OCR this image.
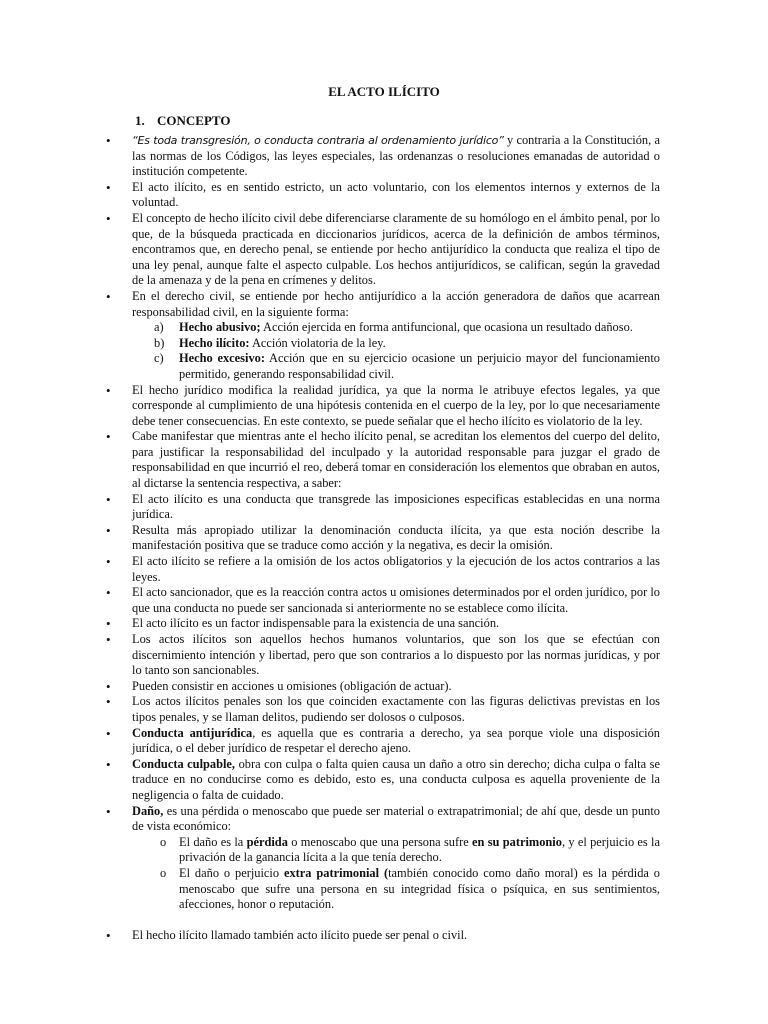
EL ACTO ILÍCITO
1. CONCEPTO
• “Es toda transgresión, o conducta contraria al ordenamiento jurídico” y contraria a la Constitución, a las normas de los Códigos, las leyes especiales, las ordenanzas o resoluciones emanadas de autoridad o institución competente.
• El acto ilícito, es en sentido estricto, un acto voluntario, con los elementos internos y externos de la voluntad.
• El concepto de hecho ilícito civil debe diferenciarse claramente de su homólogo en el ámbito penal, por lo que, de la búsqueda practicada en diccionarios jurídicos, acerca de la definición de ambos términos, encontramos que, en derecho penal, se entiende por hecho antijurídico la conducta que realiza el tipo de una ley penal, aunque falte el aspecto culpable. Los hechos antijurídicos, se califican, según la gravedad de la amenaza y de la pena en crímenes y delitos.
• En el derecho civil, se entiende por hecho antijurídico a la acción generadora de daños que acarrean responsabilidad civil, en la siguiente forma:
a) Hecho abusivo; Acción ejercida en forma antifuncional, que ocasiona un resultado dañoso.
b) Hecho ilícito: Acción violatoria de la ley.
c) Hecho excesivo: Acción que en su ejercicio ocasione un perjuicio mayor del funcionamiento permitido, generando responsabilidad civil.
• El hecho jurídico modifica la realidad jurídica, ya que la norma le atribuye efectos legales, ya que corresponde al cumplimiento de una hipótesis contenida en el cuerpo de la ley, por lo que necesariamente debe tener consecuencias. En este contexto, se puede señalar que el hecho ilícito es violatorio de la ley.
• Cabe manifestar que mientras ante el hecho ilícito penal, se acreditan los elementos del cuerpo del delito, para justificar la responsabilidad del inculpado y la autoridad responsable para juzgar el grado de responsabilidad en que incurrió el reo, deberá tomar en consideración los elementos que obraban en autos, al dictarse la sentencia respectiva, a saber:
• El acto ilícito es una conducta que transgrede las imposiciones especificas establecidas en una norma jurídica.
• Resulta más apropiado utilizar la denominación conducta ilícita, ya que esta noción describe la manifestación positiva que se traduce como acción y la negativa, es decir la omisión.
• El acto ilícito se refiere a la omisión de los actos obligatorios y la ejecución de los actos contrarios a las leyes.
• El acto sancionador, que es la reacción contra actos u omisiones determinados por el orden jurídico, por lo que una conducta no puede ser sancionada si anteriormente no se establece como ilícita.
• El acto ilícito es un factor indispensable para la existencia de una sanción.
• Los actos ilícitos son aquellos hechos humanos voluntarios, que son los que se efectúan con discernimiento intención y libertad, pero que son contrarios a lo dispuesto por las normas jurídicas, y por lo tanto son sancionables.
• Pueden consistir en acciones u omisiones (obligación de actuar).
• Los actos ilícitos penales son los que coinciden exactamente con las figuras delictivas previstas en los tipos penales, y se llaman delitos, pudiendo ser dolosos o culposos.
• Conducta antijurídica, es aquella que es contraria a derecho, ya sea porque viole una disposición jurídica, o el deber jurídico de respetar el derecho ajeno.
• Conducta culpable, obra con culpa o falta quien causa un daño a otro sin derecho; dicha culpa o falta se traduce en no conducirse como es debido, esto es, una conducta culposa es aquella proveniente de la negligencia o falta de cuidado.
• Daño, es una pérdida o menoscabo que puede ser material o extrapatrimonial; de ahí que, desde un punto de vista económico:
o El daño es la pérdida o menoscabo que una persona sufre en su patrimonio, y el perjuicio es la privación de la ganancia lícita a la que tenía derecho.
o El daño o perjuicio extra patrimonial (también conocido como daño moral) es la pérdida o menoscabo que sufre una persona en su integridad física o psíquica, en sus sentimientos, afecciones, honor o reputación.
• El hecho ilícito llamado también acto ilícito puede ser penal o civil.
